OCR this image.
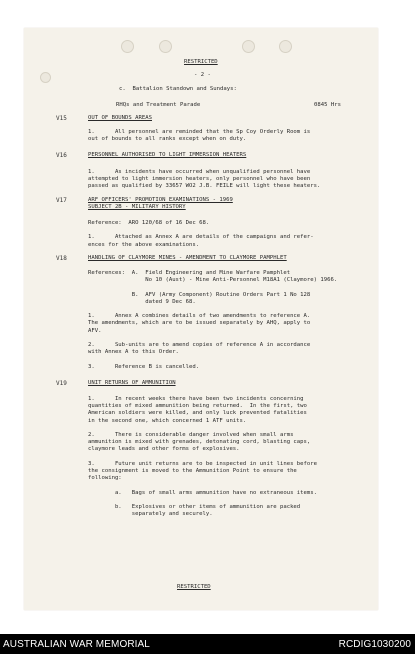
RESTRICTED
- 2 -
c.  Battalion Standown and Sundays:
RHQs and Treatment Parade	0845 Hrs
V15	OUT OF BOUNDS AREAS
1.      All personnel are reminded that the Sp Coy Orderly Room is
out of bounds to all ranks except when on duty.
V16	PERSONNEL AUTHORISED TO LIGHT IMMERSION HEATERS
1.      As incidents have occurred when unqualified personnel have
attempted to light immersion heaters, only personnel who have been
passed as qualified by 33657 WO2 J.B. FEILE will light these heaters.
V17	ARF OFFICERS' PROMOTION EXAMINATIONS - 1969
SUBJECT 2B - MILITARY HISTORY
Reference:  ARO 120/68 of 16 Dec 68.

1.      Attached as Annex A are details of the campaigns and refer-
ences for the above examinations.
V18	HANDLING OF CLAYMORE MINES - AMENDMENT TO CLAYMORE PAMPHLET
References:  A.  Field Engineering and Mine Warfare Pamphlet
No 10 (Aust) - Mine Anti-Personnel M18A1 (Claymore) 1966.

B.  AFV (Army Component) Routine Orders Part 1 No 128
dated 9 Dec 68.

1.      Annex A combines details of two amendments to reference A.
The amendments, which are to be issued separately by AHQ, apply to
AFV.

2.      Sub-units are to amend copies of reference A in accordance
with Annex A to this Order.

3.      Reference B is cancelled.
V19	UNIT RETURNS OF AMMUNITION
1.      In recent weeks there have been two incidents concerning
quantities of mixed ammunition being returned.  In the first, two
American soldiers were killed, and only luck prevented fatalities
in the second one, which concerned 1 ATF units.

2.      There is considerable danger involved when small arms
ammunition is mixed with grenades, detonating cord, blasting caps,
claymore leads and other forms of explosives.

3.      Future unit returns are to be inspected in unit lines before
the consignment is moved to the Ammunition Point to ensure the
following:

a.   Bags of small arms ammunition have no extraneous items.

b.   Explosives or other items of ammunition are packed
separately and securely.
RESTRICTED
AUSTRALIAN WAR MEMORIAL	RCDIG1030200
